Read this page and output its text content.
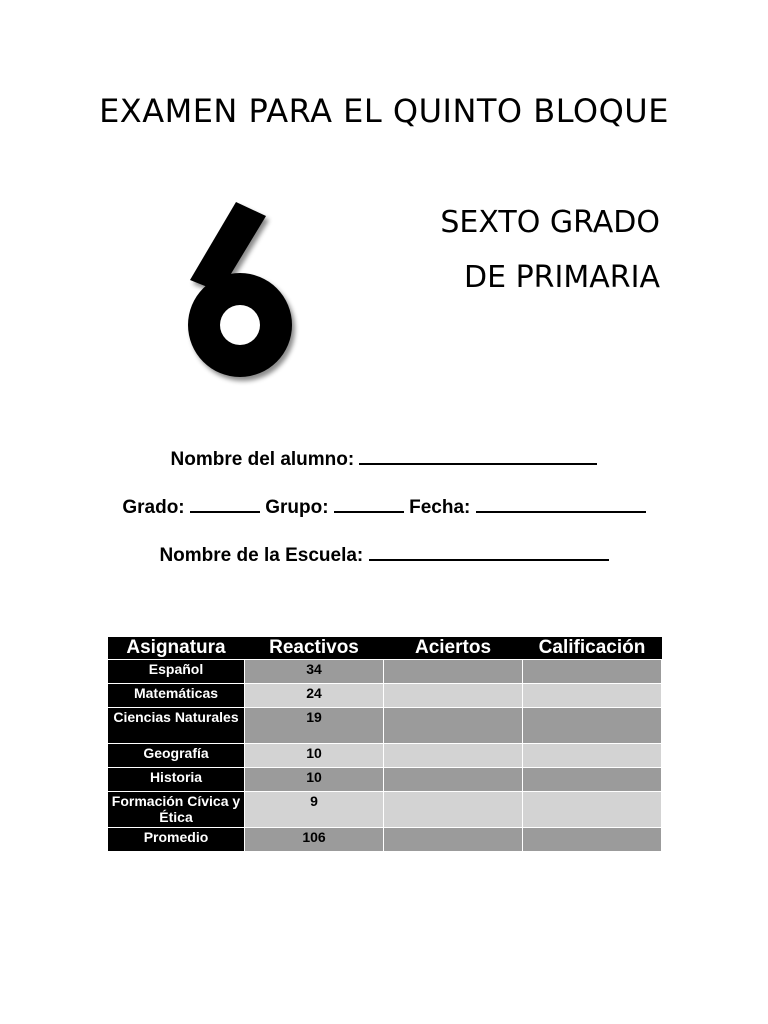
EXAMEN PARA EL QUINTO BLOQUE
6
SEXTO GRADO
DE PRIMARIA
Nombre del alumno:
Grado:	Grupo:	Fecha:
Nombre de la Escuela:
Asignatura	Reactivos	Aciertos	Calificación
Español	34		
Matemáticas	24		
Ciencias Naturales	19		
Geografía	10		
Historia	10		
Formación Cívica y Ética	9		
Promedio	106		
